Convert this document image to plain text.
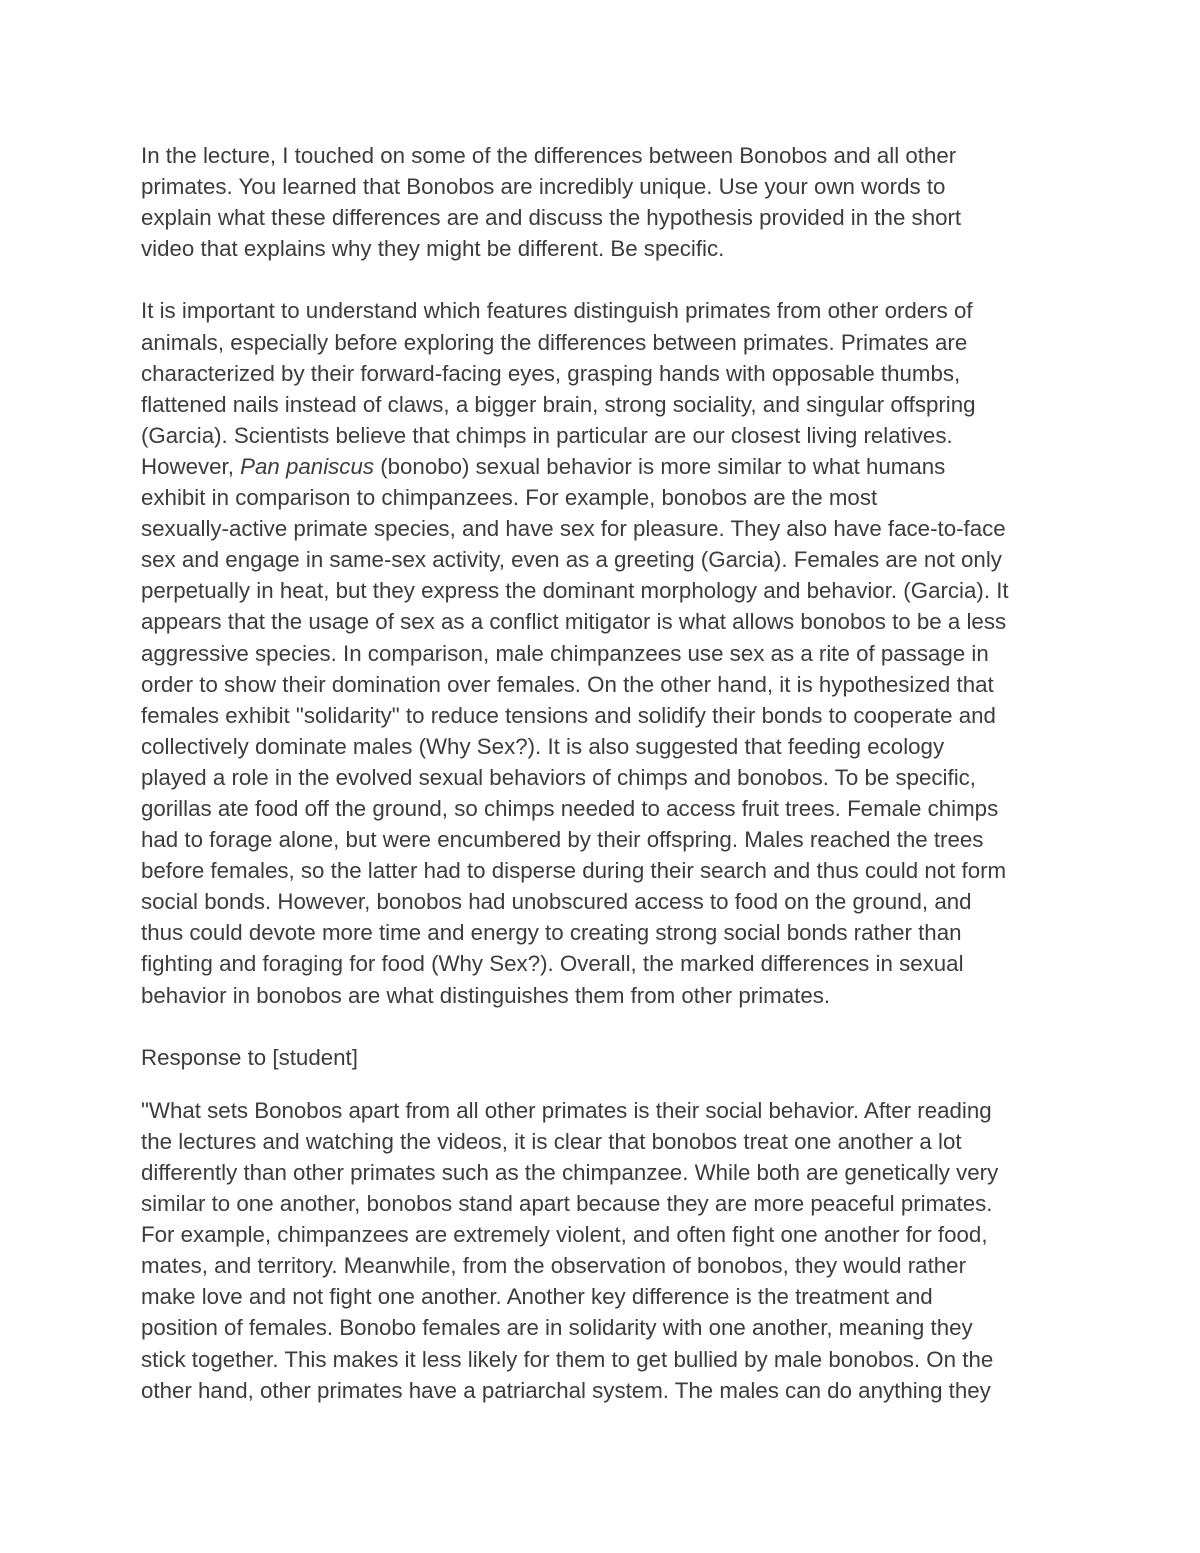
In the lecture, I touched on some of the differences between Bonobos and all other
primates. You learned that Bonobos are incredibly unique. Use your own words to
explain what these differences are and discuss the hypothesis provided in the short
video that explains why they might be different. Be specific.
It is important to understand which features distinguish primates from other orders of
animals, especially before exploring the differences between primates. Primates are
characterized by their forward-facing eyes, grasping hands with opposable thumbs,
flattened nails instead of claws, a bigger brain, strong sociality, and singular offspring
(Garcia). Scientists believe that chimps in particular are our closest living relatives.
However, Pan paniscus (bonobo) sexual behavior is more similar to what humans
exhibit in comparison to chimpanzees. For example, bonobos are the most
sexually-active primate species, and have sex for pleasure. They also have face-to-face
sex and engage in same-sex activity, even as a greeting (Garcia). Females are not only
perpetually in heat, but they express the dominant morphology and behavior. (Garcia). It
appears that the usage of sex as a conflict mitigator is what allows bonobos to be a less
aggressive species. In comparison, male chimpanzees use sex as a rite of passage in
order to show their domination over females. On the other hand, it is hypothesized that
females exhibit "solidarity" to reduce tensions and solidify their bonds to cooperate and
collectively dominate males (Why Sex?). It is also suggested that feeding ecology
played a role in the evolved sexual behaviors of chimps and bonobos. To be specific,
gorillas ate food off the ground, so chimps needed to access fruit trees. Female chimps
had to forage alone, but were encumbered by their offspring. Males reached the trees
before females, so the latter had to disperse during their search and thus could not form
social bonds. However, bonobos had unobscured access to food on the ground, and
thus could devote more time and energy to creating strong social bonds rather than
fighting and foraging for food (Why Sex?). Overall, the marked differences in sexual
behavior in bonobos are what distinguishes them from other primates.
Response to [student]
"What sets Bonobos apart from all other primates is their social behavior. After reading
the lectures and watching the videos, it is clear that bonobos treat one another a lot
differently than other primates such as the chimpanzee. While both are genetically very
similar to one another, bonobos stand apart because they are more peaceful primates.
For example, chimpanzees are extremely violent, and often fight one another for food,
mates, and territory. Meanwhile, from the observation of bonobos, they would rather
make love and not fight one another. Another key difference is the treatment and
position of females. Bonobo females are in solidarity with one another, meaning they
stick together. This makes it less likely for them to get bullied by male bonobos. On the
other hand, other primates have a patriarchal system. The males can do anything they
